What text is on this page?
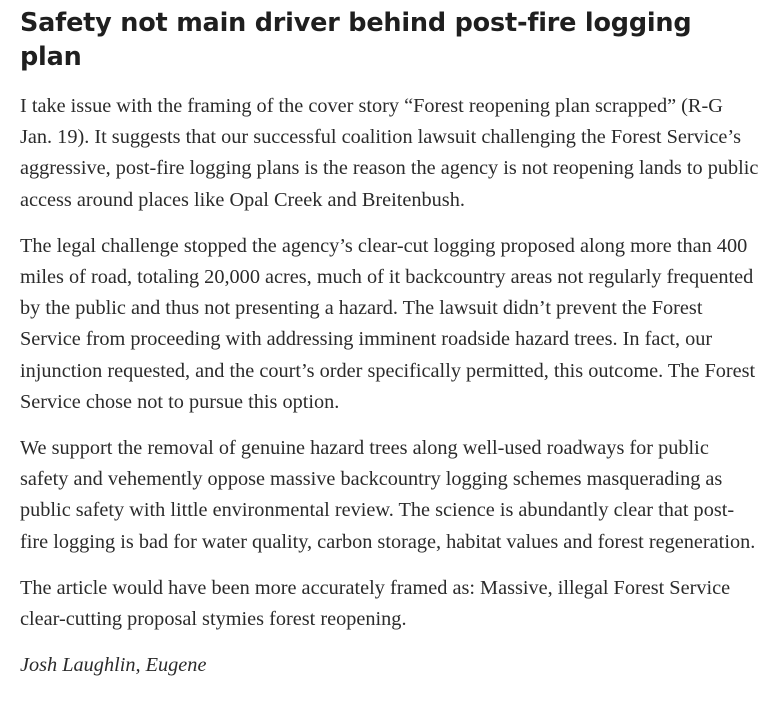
Safety not main driver behind post-fire logging plan

I take issue with the framing of the cover story “Forest reopening plan scrapped” (R-G Jan. 19). It suggests that our successful coalition lawsuit challenging the Forest Service’s aggressive, post-fire logging plans is the reason the agency is not reopening lands to public access around places like Opal Creek and Breitenbush.

The legal challenge stopped the agency’s clear-cut logging proposed along more than 400 miles of road, totaling 20,000 acres, much of it backcountry areas not regularly frequented by the public and thus not presenting a hazard. The lawsuit didn’t prevent the Forest Service from proceeding with addressing imminent roadside hazard trees. In fact, our injunction requested, and the court’s order specifically permitted, this outcome. The Forest Service chose not to pursue this option.

We support the removal of genuine hazard trees along well-used roadways for public safety and vehemently oppose massive backcountry logging schemes masquerading as public safety with little environmental review. The science is abundantly clear that post-fire logging is bad for water quality, carbon storage, habitat values and forest regeneration.

The article would have been more accurately framed as: Massive, illegal Forest Service clear-cutting proposal stymies forest reopening.

Josh Laughlin, Eugene
